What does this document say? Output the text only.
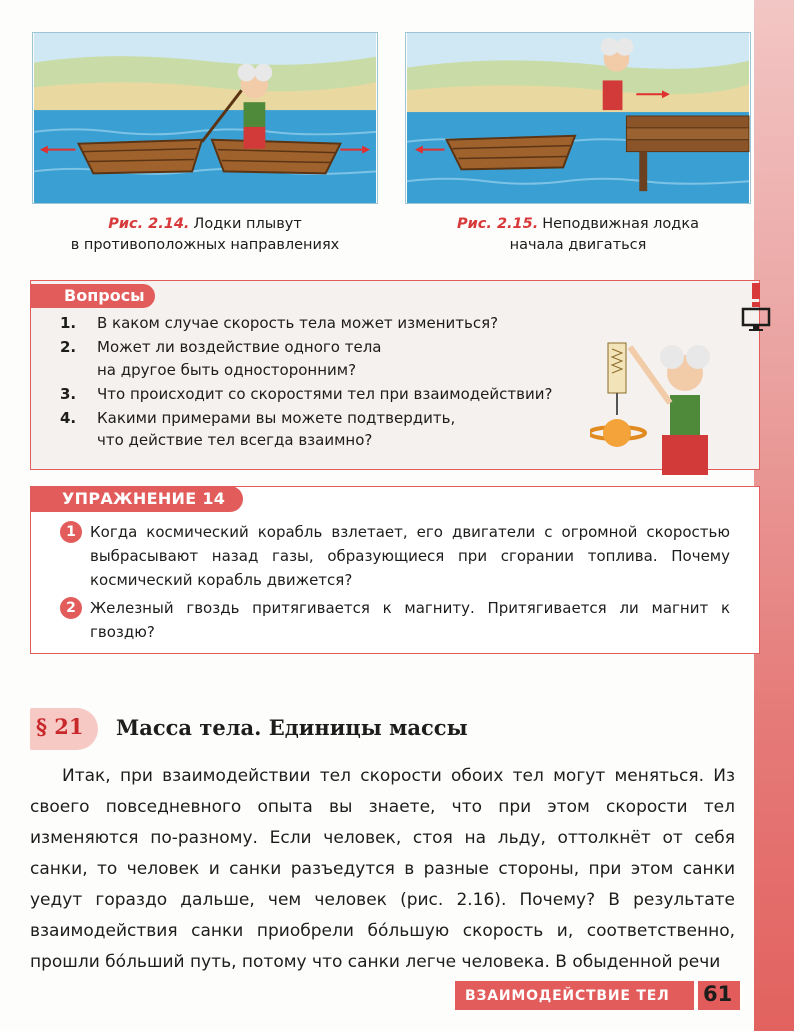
Рис. 2.14. Лодки плывут
в противоположных направлениях
Рис. 2.15. Неподвижная лодка
начала двигаться
Вопросы
1.	В каком случае скорость тела может измениться?
2.	Может ли воздействие одного тела
на другое быть односторонним?
3.	Что происходит со скоростями тел при взаимодействии?
4.	Какими примерами вы можете подтвердить,
что действие тел всегда взаимно?
УПРАЖНЕНИЕ 14
1 Когда космический корабль взлетает, его двигатели с огромной скоростью выбрасывают назад газы, образующиеся при сгорании топлива. Почему космический корабль движется?
2 Железный гвоздь притягивается к магниту. Притягивается ли магнит к гвоздю?
§ 21 Масса тела. Единицы массы

Итак, при взаимодействии тел скорости обоих тел могут меняться. Из своего повседневного опыта вы знаете, что при этом скорости тел изменяются по-разному. Если человек, стоя на льду, оттолкнёт от себя санки, то человек и санки разъедутся в разные стороны, при этом санки уедут гораздо дальше, чем человек (рис. 2.16). Почему? В результате взаимодействия санки приобрели бо́льшую скорость и, соответственно, прошли бо́льший путь, потому что санки легче человека. В обыденной речи

ВЗАИМОДЕЙСТВИЕ ТЕЛ 61
